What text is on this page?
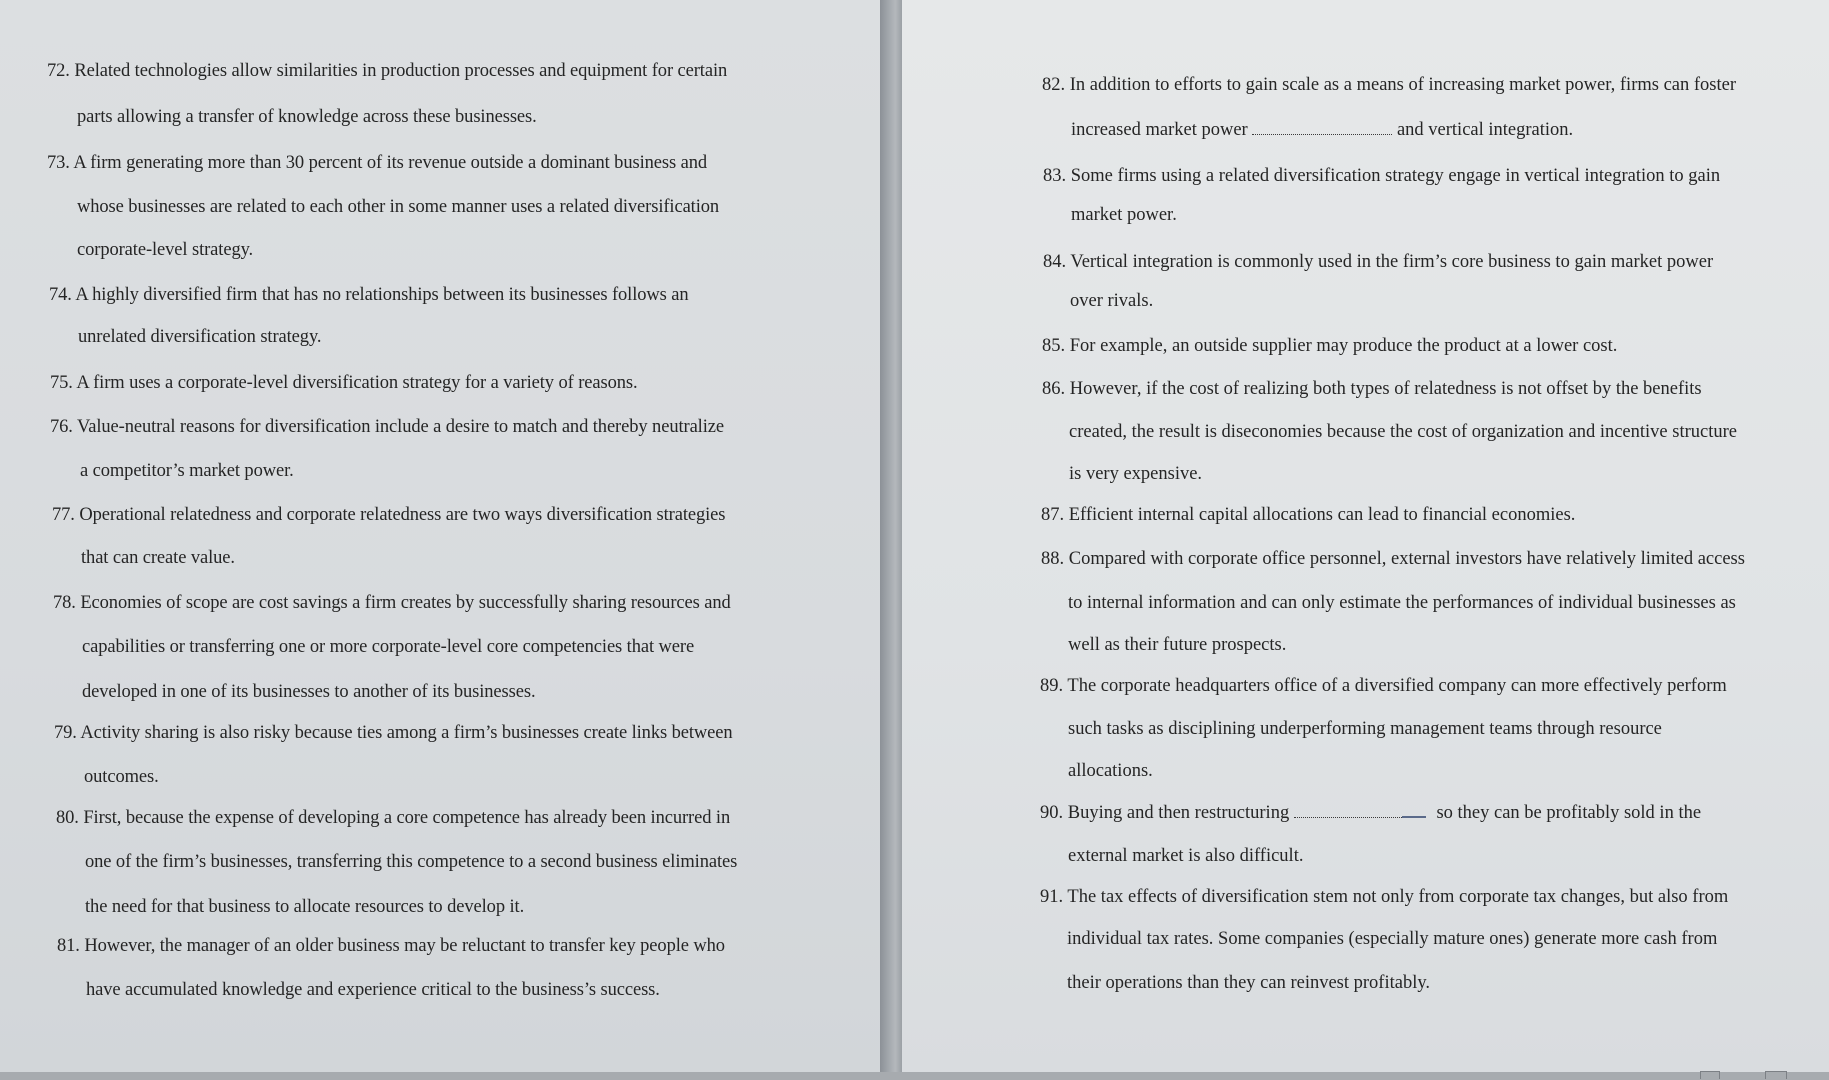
72. Related technologies allow similarities in production processes and equipment for certain
parts allowing a transfer of knowledge across these businesses.
73. A firm generating more than 30 percent of its revenue outside a dominant business and
whose businesses are related to each other in some manner uses a related diversification
corporate-level strategy.
74. A highly diversified firm that has no relationships between its businesses follows an
unrelated diversification strategy.
75. A firm uses a corporate-level diversification strategy for a variety of reasons.
76. Value-neutral reasons for diversification include a desire to match and thereby neutralize
a competitor’s market power.
77. Operational relatedness and corporate relatedness are two ways diversification strategies
that can create value.
78. Economies of scope are cost savings a firm creates by successfully sharing resources and
capabilities or transferring one or more corporate-level core competencies that were
developed in one of its businesses to another of its businesses.
79. Activity sharing is also risky because ties among a firm’s businesses create links between
outcomes.
80. First, because the expense of developing a core competence has already been incurred in
one of the firm’s businesses, transferring this competence to a second business eliminates
the need for that business to allocate resources to develop it.
81. However, the manager of an older business may be reluctant to transfer key people who
have accumulated knowledge and experience critical to the business’s success.
82. In addition to efforts to gain scale as a means of increasing market power, firms can foster
increased market power	and vertical integration.
83. Some firms using a related diversification strategy engage in vertical integration to gain
market power.
84. Vertical integration is commonly used in the firm’s core business to gain market power
over rivals.
85. For example, an outside supplier may produce the product at a lower cost.
86. However, if the cost of realizing both types of relatedness is not offset by the benefits
created, the result is diseconomies because the cost of organization and incentive structure
is very expensive.
87. Efficient internal capital allocations can lead to financial economies.
88. Compared with corporate office personnel, external investors have relatively limited access
to internal information and can only estimate the performances of individual businesses as
well as their future prospects.
89. The corporate headquarters office of a diversified company can more effectively perform
such tasks as disciplining underperforming management teams through resource
allocations.
90. Buying and then restructuring	so they can be profitably sold in the
external market is also difficult.
91. The tax effects of diversification stem not only from corporate tax changes, but also from
individual tax rates. Some companies (especially mature ones) generate more cash from
their operations than they can reinvest profitably.
